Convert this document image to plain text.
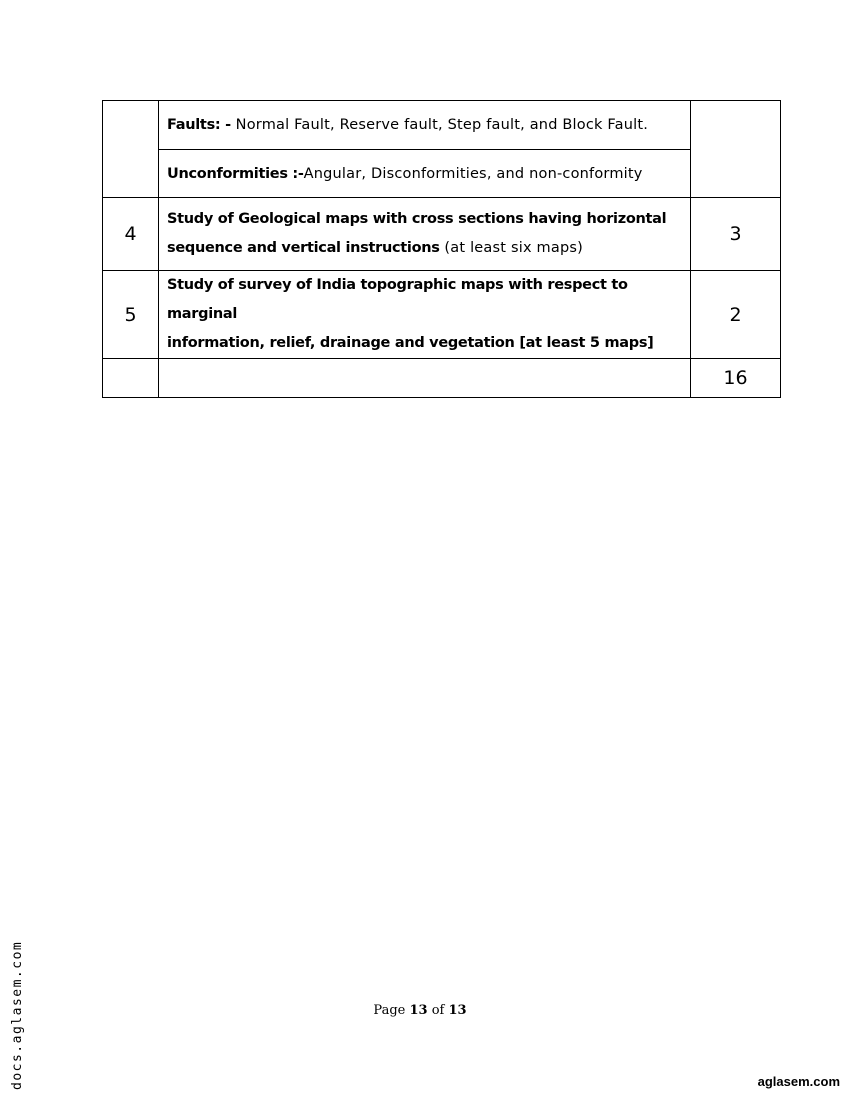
	Faults: - Normal Fault, Reserve fault, Step fault, and Block Fault.	
	Unconformities :-Angular, Disconformities, and non-conformity	
4	Study of Geological maps with cross sections having horizontal
sequence and vertical instructions (at least six maps)	3
5	Study of survey of India topographic maps with respect to marginal
information, relief, drainage and vegetation [at least 5 maps]	2
		16
Page 13 of 13
docs.aglasem.com	aglasem.com
